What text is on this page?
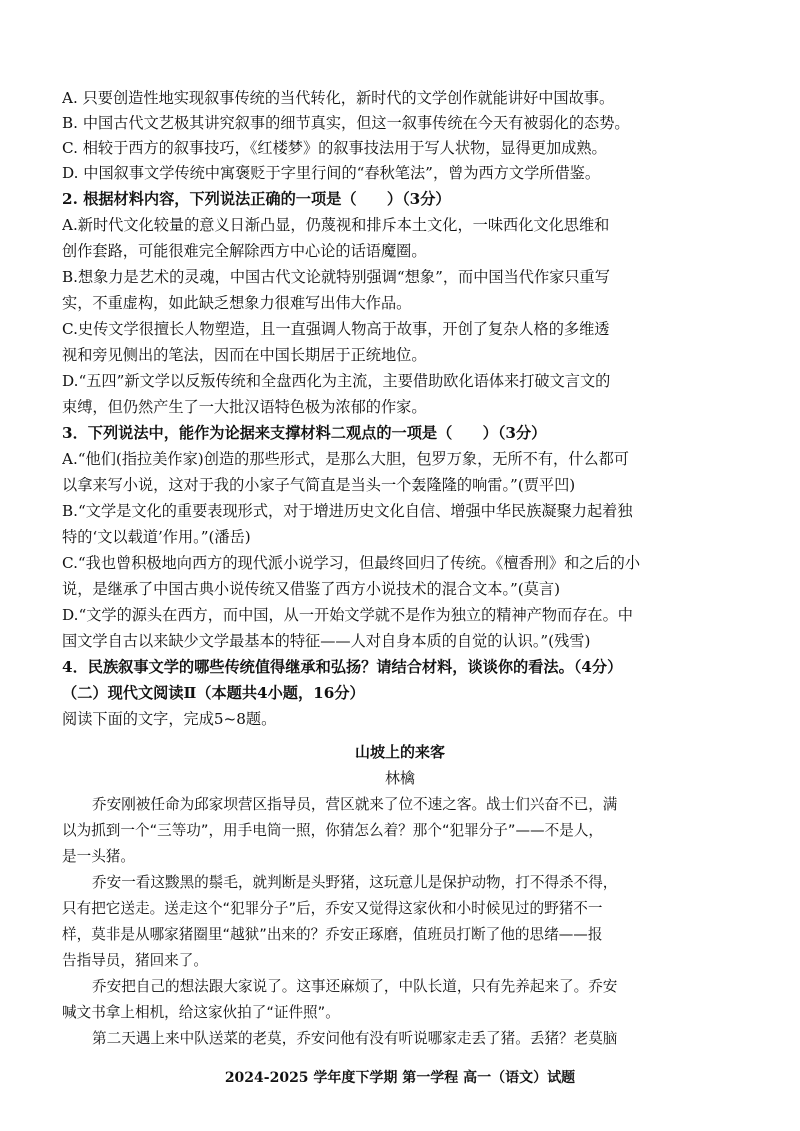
A. 只要创造性地实现叙事传统的当代转化，新时代的文学创作就能讲好中国故事。
B. 中国古代文艺极其讲究叙事的细节真实，但这一叙事传统在今天有被弱化的态势。
C. 相较于西方的叙事技巧，《红楼梦》的叙事技法用于写人状物，显得更加成熟。
D. 中国叙事文学传统中寓褒贬于字里行间的“春秋笔法”，曾为西方文学所借鉴。
2. 根据材料内容，下列说法正确的一项是（　　）（3分）
A.新时代文化较量的意义日渐凸显，仍蔑视和排斥本土文化，一味西化文化思维和
创作套路，可能很难完全解除西方中心论的话语魔圈。
B.想象力是艺术的灵魂，中国古代文论就特别强调“想象”，而中国当代作家只重写
实，不重虚构，如此缺乏想象力很难写出伟大作品。
C.史传文学很擅长人物塑造，且一直强调人物高于故事，开创了复杂人格的多维透
视和旁见侧出的笔法，因而在中国长期居于正统地位。
D.“五四”新文学以反叛传统和全盘西化为主流，主要借助欧化语体来打破文言文的
束缚，但仍然产生了一大批汉语特色极为浓郁的作家。
3．下列说法中，能作为论据来支撑材料二观点的一项是（　　）（3分）
A.“他们(指拉美作家)创造的那些形式，是那么大胆，包罗万象，无所不有，什么都可
以拿来写小说，这对于我的小家子气简直是当头一个轰隆隆的响雷。”(贾平凹)
B.“文学是文化的重要表现形式，对于增进历史文化自信、增强中华民族凝聚力起着独
特的‘文以载道’作用。”(潘岳)
C.“我也曾积极地向西方的现代派小说学习，但最终回归了传统。《檀香刑》和之后的小
说，是继承了中国古典小说传统又借鉴了西方小说技术的混合文本。”(莫言)
D.“文学的源头在西方，而中国，从一开始文学就不是作为独立的精神产物而存在。中
国文学自古以来缺少文学最基本的特征——人对自身本质的自觉的认识。”(残雪)
4．民族叙事文学的哪些传统值得继承和弘扬？请结合材料，谈谈你的看法。（4分）
（二）现代文阅读Ⅱ（本题共4小题，16分）
阅读下面的文字，完成5~8题。
山坡上的来客
林檎
乔安刚被任命为邱家坝营区指导员，营区就来了位不速之客。战士们兴奋不已，满
以为抓到一个“三等功”，用手电筒一照，你猜怎么着？那个“犯罪分子”——不是人，
是一头猪。
乔安一看这黢黑的鬃毛，就判断是头野猪，这玩意儿是保护动物，打不得杀不得，
只有把它送走。送走这个“犯罪分子”后，乔安又觉得这家伙和小时候见过的野猪不一
样，莫非是从哪家猪圈里“越狱”出来的？乔安正琢磨，值班员打断了他的思绪——报
告指导员，猪回来了。
乔安把自己的想法跟大家说了。这事还麻烦了，中队长道，只有先养起来了。乔安
喊文书拿上相机，给这家伙拍了“证件照”。
第二天遇上来中队送菜的老莫，乔安问他有没有听说哪家走丢了猪。丢猪？老莫脑
2024-2025 学年度下学期 第一学程 高一（语文）试题
